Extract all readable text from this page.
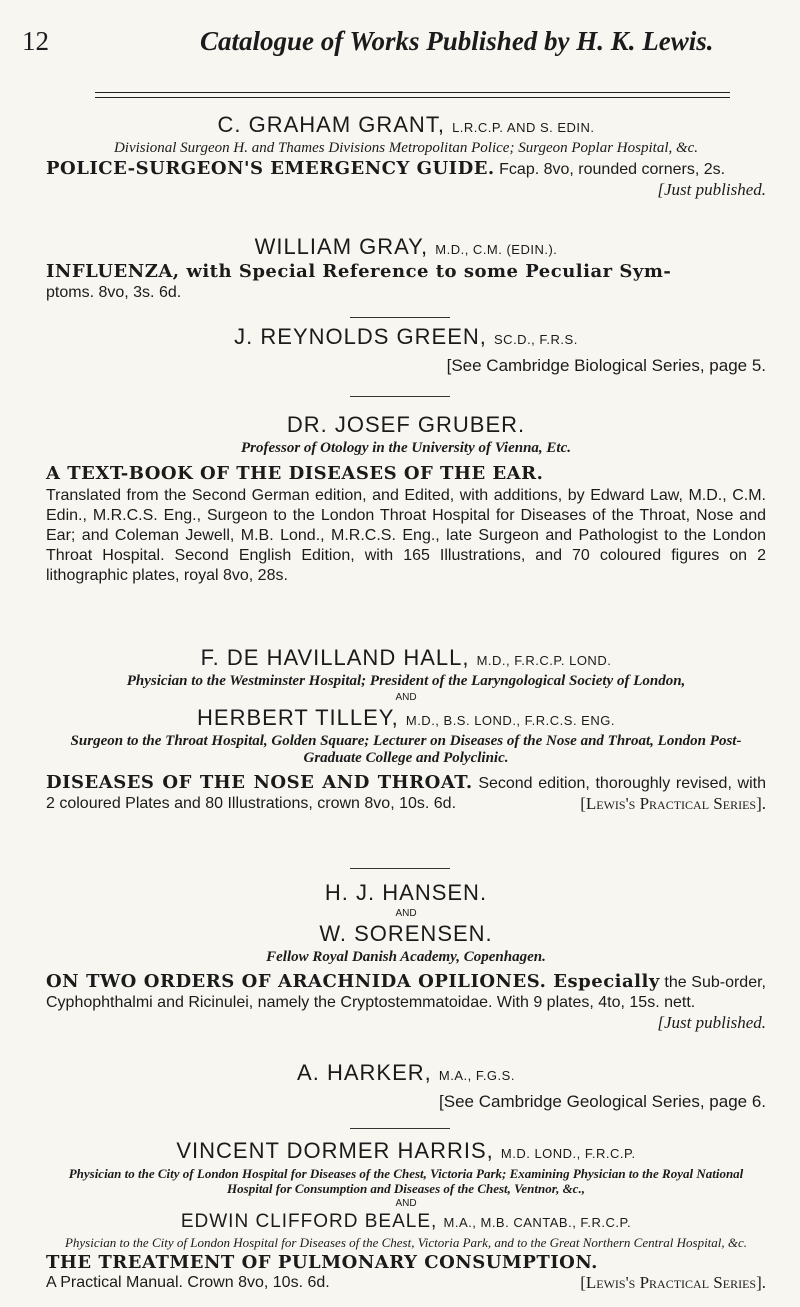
12	Catalogue of Works Published by H. K. Lewis.

C. GRAHAM GRANT, L.R.C.P. AND S. EDIN.

Divisional Surgeon H. and Thames Divisions Metropolitan Police; Surgeon Poplar Hospital, &c.

POLICE-SURGEON'S EMERGENCY GUIDE. Fcap. 8vo, rounded corners, 2s.
[Just published.

WILLIAM GRAY, M.D., C.M. (EDIN.).

INFLUENZA, with Special Reference to some Peculiar Sym-
ptoms. 8vo, 3s. 6d.

J. REYNOLDS GREEN, SC.D., F.R.S.

[See Cambridge Biological Series, page 5.

DR. JOSEF GRUBER.

Professor of Otology in the University of Vienna, Etc.

A TEXT-BOOK OF THE DISEASES OF THE EAR.

Translated from the Second German edition, and Edited, with additions, by Edward Law, M.D., C.M. Edin., M.R.C.S. Eng., Surgeon to the London Throat Hospital for Diseases of the Throat, Nose and Ear; and Coleman Jewell, M.B. Lond., M.R.C.S. Eng., late Surgeon and Pathologist to the London Throat Hospital. Second English Edition, with 165 Illustrations, and 70 coloured figures on 2 lithographic plates, royal 8vo, 28s.

F. DE HAVILLAND HALL, M.D., F.R.C.P. LOND.

Physician to the Westminster Hospital; President of the Laryngological Society of London,

AND

HERBERT TILLEY, M.D., B.S. LOND., F.R.C.S. ENG.

Surgeon to the Throat Hospital, Golden Square; Lecturer on Diseases of the Nose and Throat, London Post-Graduate College and Polyclinic.

DISEASES OF THE NOSE AND THROAT. Second edition, thoroughly revised, with 2 coloured Plates and 80 Illustrations, crown 8vo, 10s. 6d.	[Lewis's Practical Series].

H. J. HANSEN.

AND

W. SORENSEN.

Fellow Royal Danish Academy, Copenhagen.

ON TWO ORDERS OF ARACHNIDA OPILIONES. Especially the Sub-order, Cyphophthalmi and Ricinulei, namely the Cryptostemmatoidae. With 9 plates, 4to, 15s. nett.
[Just published.

A. HARKER, M.A., F.G.S.

[See Cambridge Geological Series, page 6.

VINCENT DORMER HARRIS, M.D. LOND., F.R.C.P.

Physician to the City of London Hospital for Diseases of the Chest, Victoria Park; Examining Physician to the Royal National Hospital for Consumption and Diseases of the Chest, Ventnor, &c.,

AND

EDWIN CLIFFORD BEALE, M.A., M.B. CANTAB., F.R.C.P.

Physician to the City of London Hospital for Diseases of the Chest, Victoria Park, and to the Great Northern Central Hospital, &c.

THE TREATMENT OF PULMONARY CONSUMPTION.

A Practical Manual. Crown 8vo, 10s. 6d.	[Lewis's Practical Series].
